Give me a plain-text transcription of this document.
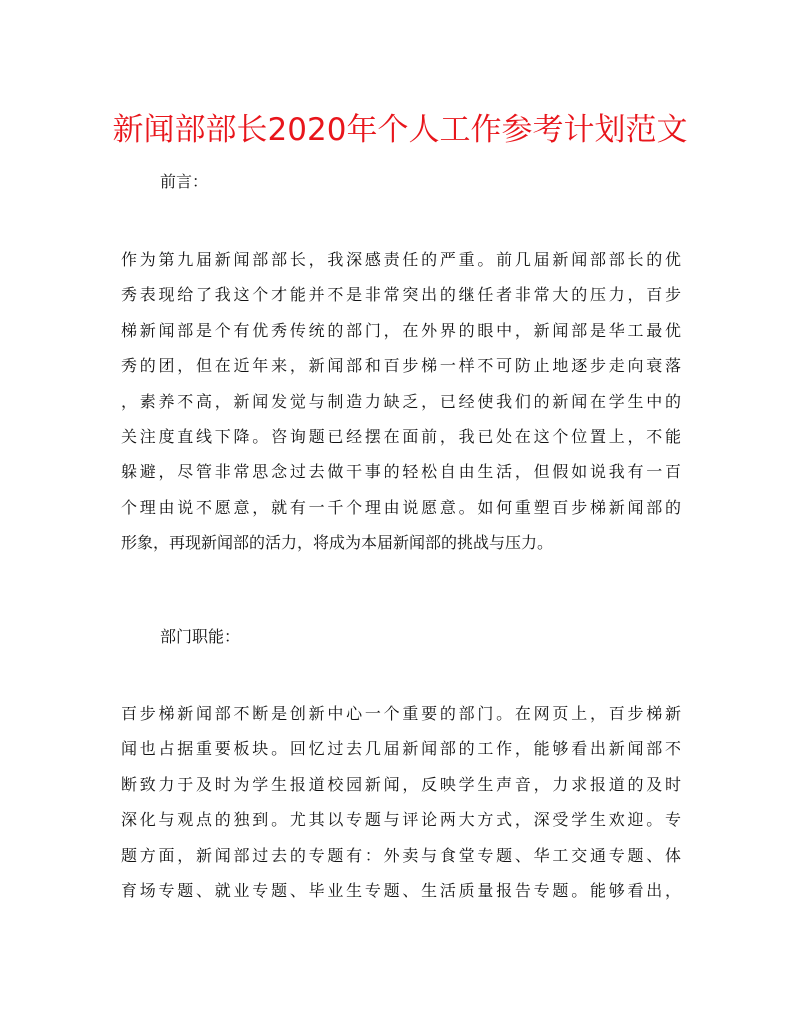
新闻部部长2020年个人工作参考计划范文

前言：

作为第九届新闻部部长，我深感责任的严重。前几届新闻部部长的优
秀表现给了我这个才能并不是非常突出的继任者非常大的压力，百步
梯新闻部是个有优秀传统的部门，在外界的眼中，新闻部是华工最优
秀的团，但在近年来，新闻部和百步梯一样不可防止地逐步走向衰落
，素养不高，新闻发觉与制造力缺乏，已经使我们的新闻在学生中的
关注度直线下降。咨询题已经摆在面前，我已处在这个位置上，不能
躲避，尽管非常思念过去做干事的轻松自由生活，但假如说我有一百
个理由说不愿意，就有一千个理由说愿意。如何重塑百步梯新闻部的
形象，再现新闻部的活力，将成为本届新闻部的挑战与压力。

部门职能：

百步梯新闻部不断是创新中心一个重要的部门。在网页上，百步梯新
闻也占据重要板块。回忆过去几届新闻部的工作，能够看出新闻部不
断致力于及时为学生报道校园新闻，反映学生声音，力求报道的及时
深化与观点的独到。尤其以专题与评论两大方式，深受学生欢迎。专
题方面，新闻部过去的专题有：外卖与食堂专题、华工交通专题、体
育场专题、就业专题、毕业生专题、生活质量报告专题。能够看出，
